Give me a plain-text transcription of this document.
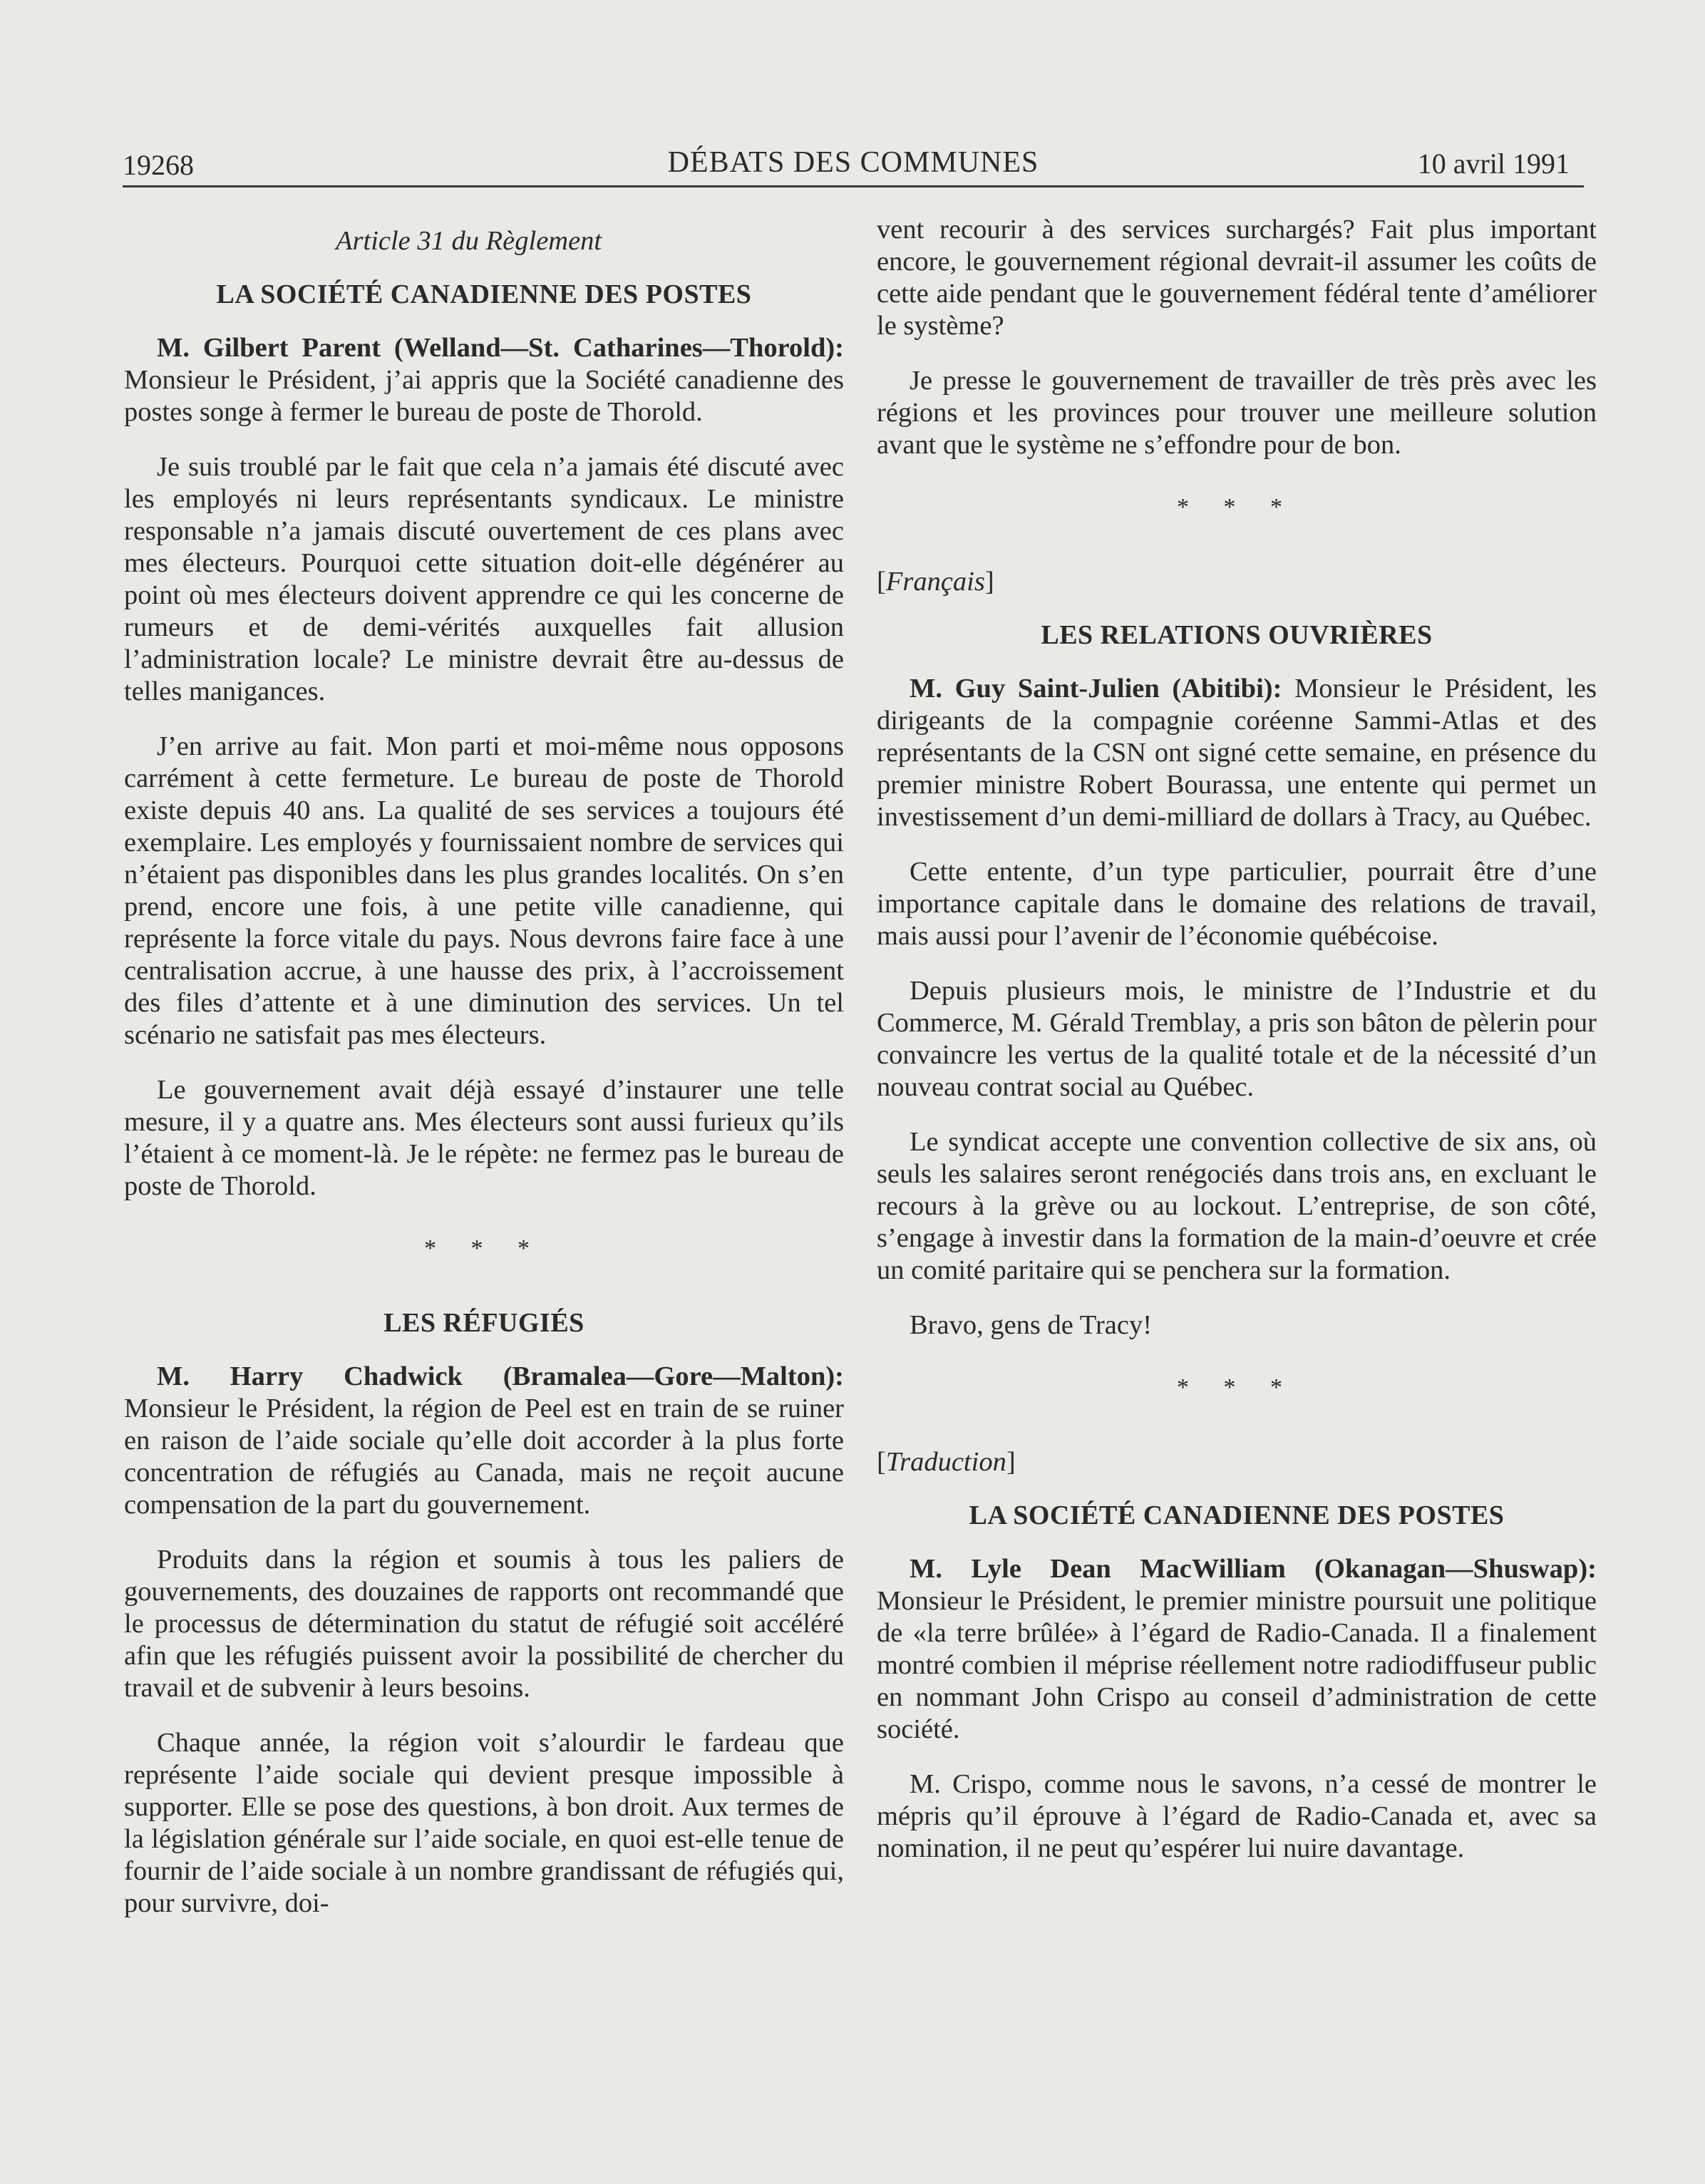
19268	DÉBATS DES COMMUNES	10 avril 1991
Article 31 du Règlement
LA SOCIÉTÉ CANADIENNE DES POSTES

M. Gilbert Parent (Welland—St. Catharines—Thorold): Monsieur le Président, j’ai appris que la Société canadienne des postes songe à fermer le bureau de poste de Thorold.

Je suis troublé par le fait que cela n’a jamais été discuté avec les employés ni leurs représentants syndicaux. Le ministre responsable n’a jamais discuté ouvertement de ces plans avec mes électeurs. Pourquoi cette situation doit-elle dégénérer au point où mes électeurs doivent apprendre ce qui les concerne de rumeurs et de demi-vérités auxquelles fait allusion l’administration locale? Le ministre devrait être au-dessus de telles manigances.

J’en arrive au fait. Mon parti et moi-même nous opposons carrément à cette fermeture. Le bureau de poste de Thorold existe depuis 40 ans. La qualité de ses services a toujours été exemplaire. Les employés y fournissaient nombre de services qui n’étaient pas disponibles dans les plus grandes localités. On s’en prend, encore une fois, à une petite ville canadienne, qui représente la force vitale du pays. Nous devrons faire face à une centralisation accrue, à une hausse des prix, à l’accroissement des files d’attente et à une diminution des services. Un tel scénario ne satisfait pas mes électeurs.

Le gouvernement avait déjà essayé d’instaurer une telle mesure, il y a quatre ans. Mes électeurs sont aussi furieux qu’ils l’étaient à ce moment-là. Je le répète: ne fermez pas le bureau de poste de Thorold.

* * *
LES RÉFUGIÉS

M. Harry Chadwick (Bramalea—Gore—Malton): Monsieur le Président, la région de Peel est en train de se ruiner en raison de l’aide sociale qu’elle doit accorder à la plus forte concentration de réfugiés au Canada, mais ne reçoit aucune compensation de la part du gouvernement.

Produits dans la région et soumis à tous les paliers de gouvernements, des douzaines de rapports ont recommandé que le processus de détermination du statut de réfugié soit accéléré afin que les réfugiés puissent avoir la possibilité de chercher du travail et de subvenir à leurs besoins.

Chaque année, la région voit s’alourdir le fardeau que représente l’aide sociale qui devient presque impossible à supporter. Elle se pose des questions, à bon droit. Aux termes de la législation générale sur l’aide sociale, en quoi est-elle tenue de fournir de l’aide sociale à un nombre grandissant de réfugiés qui, pour survivre, doi-

vent recourir à des services surchargés? Fait plus important encore, le gouvernement régional devrait-il assumer les coûts de cette aide pendant que le gouvernement fédéral tente d’améliorer le système?

Je presse le gouvernement de travailler de très près avec les régions et les provinces pour trouver une meilleure solution avant que le système ne s’effondre pour de bon.

* * *
[Français]
LES RELATIONS OUVRIÈRES

M. Guy Saint-Julien (Abitibi): Monsieur le Président, les dirigeants de la compagnie coréenne Sammi-Atlas et des représentants de la CSN ont signé cette semaine, en présence du premier ministre Robert Bourassa, une entente qui permet un investissement d’un demi-milliard de dollars à Tracy, au Québec.

Cette entente, d’un type particulier, pourrait être d’une importance capitale dans le domaine des relations de travail, mais aussi pour l’avenir de l’économie québécoise.

Depuis plusieurs mois, le ministre de l’Industrie et du Commerce, M. Gérald Tremblay, a pris son bâton de pèlerin pour convaincre les vertus de la qualité totale et de la nécessité d’un nouveau contrat social au Québec.

Le syndicat accepte une convention collective de six ans, où seuls les salaires seront renégociés dans trois ans, en excluant le recours à la grève ou au lockout. L’entreprise, de son côté, s’engage à investir dans la formation de la main-d’oeuvre et crée un comité paritaire qui se penchera sur la formation.

Bravo, gens de Tracy!

* * *
[Traduction]
LA SOCIÉTÉ CANADIENNE DES POSTES

M. Lyle Dean MacWilliam (Okanagan—Shuswap): Monsieur le Président, le premier ministre poursuit une politique de «la terre brûlée» à l’égard de Radio-Canada. Il a finalement montré combien il méprise réellement notre radiodiffuseur public en nommant John Crispo au conseil d’administration de cette société.

M. Crispo, comme nous le savons, n’a cessé de montrer le mépris qu’il éprouve à l’égard de Radio-Canada et, avec sa nomination, il ne peut qu’espérer lui nuire davantage.
